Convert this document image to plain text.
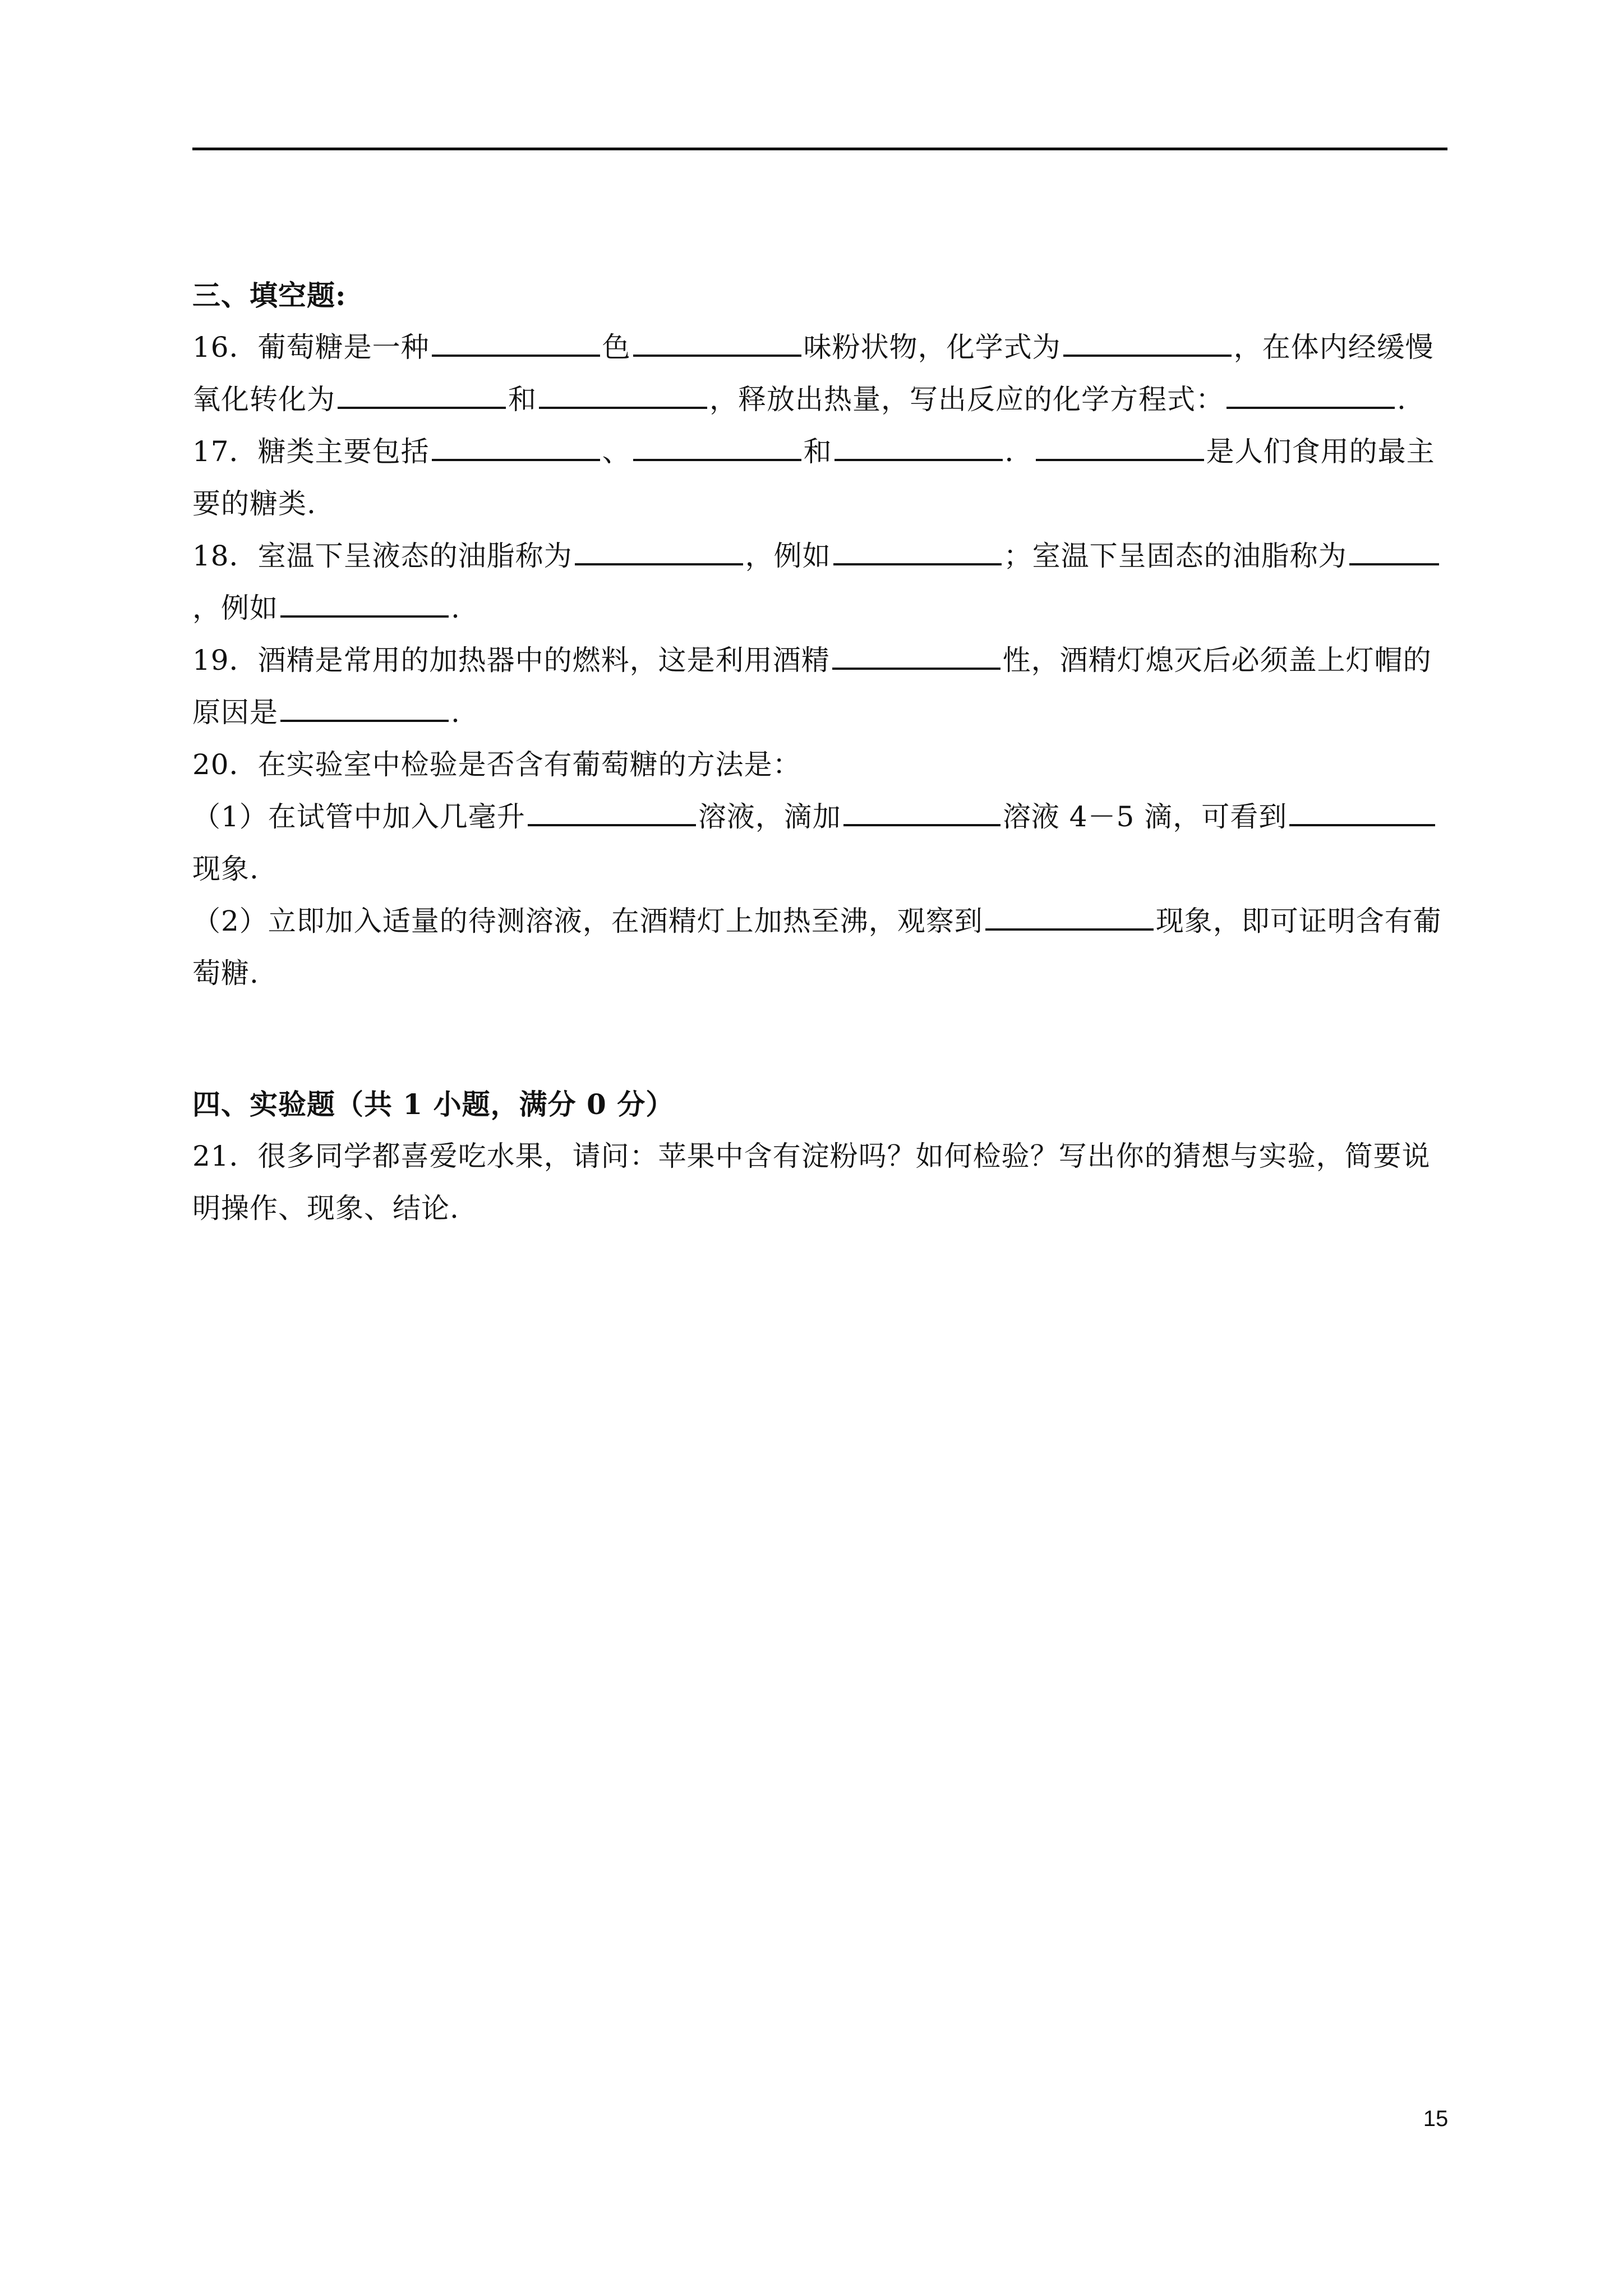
三、填空题:

16．葡萄糖是一种	色	味粉状物，化学式为	，在体内经缓慢

氧化转化为	和	，释放出热量，写出反应的化学方程式：	.

17．糖类主要包括	、	和	．	是人们食用的最主

要的糖类.

18．室温下呈液态的油脂称为	，例如	；室温下呈固态的油脂称为

，例如	.

19．酒精是常用的加热器中的燃料，这是利用酒精	性，酒精灯熄灭后必须盖上灯帽的

原因是	.

20．在实验室中检验是否含有葡萄糖的方法是：

（1）在试管中加入几毫升	溶液，滴加	溶液 4－5 滴，可看到

现象.

（2）立即加入适量的待测溶液，在酒精灯上加热至沸，观察到	现象，即可证明含有葡

萄糖.

四、实验题（共 1 小题，满分 0 分）

21．很多同学都喜爱吃水果，请问：苹果中含有淀粉吗？如何检验？写出你的猜想与实验，简要说

明操作、现象、结论.

15
